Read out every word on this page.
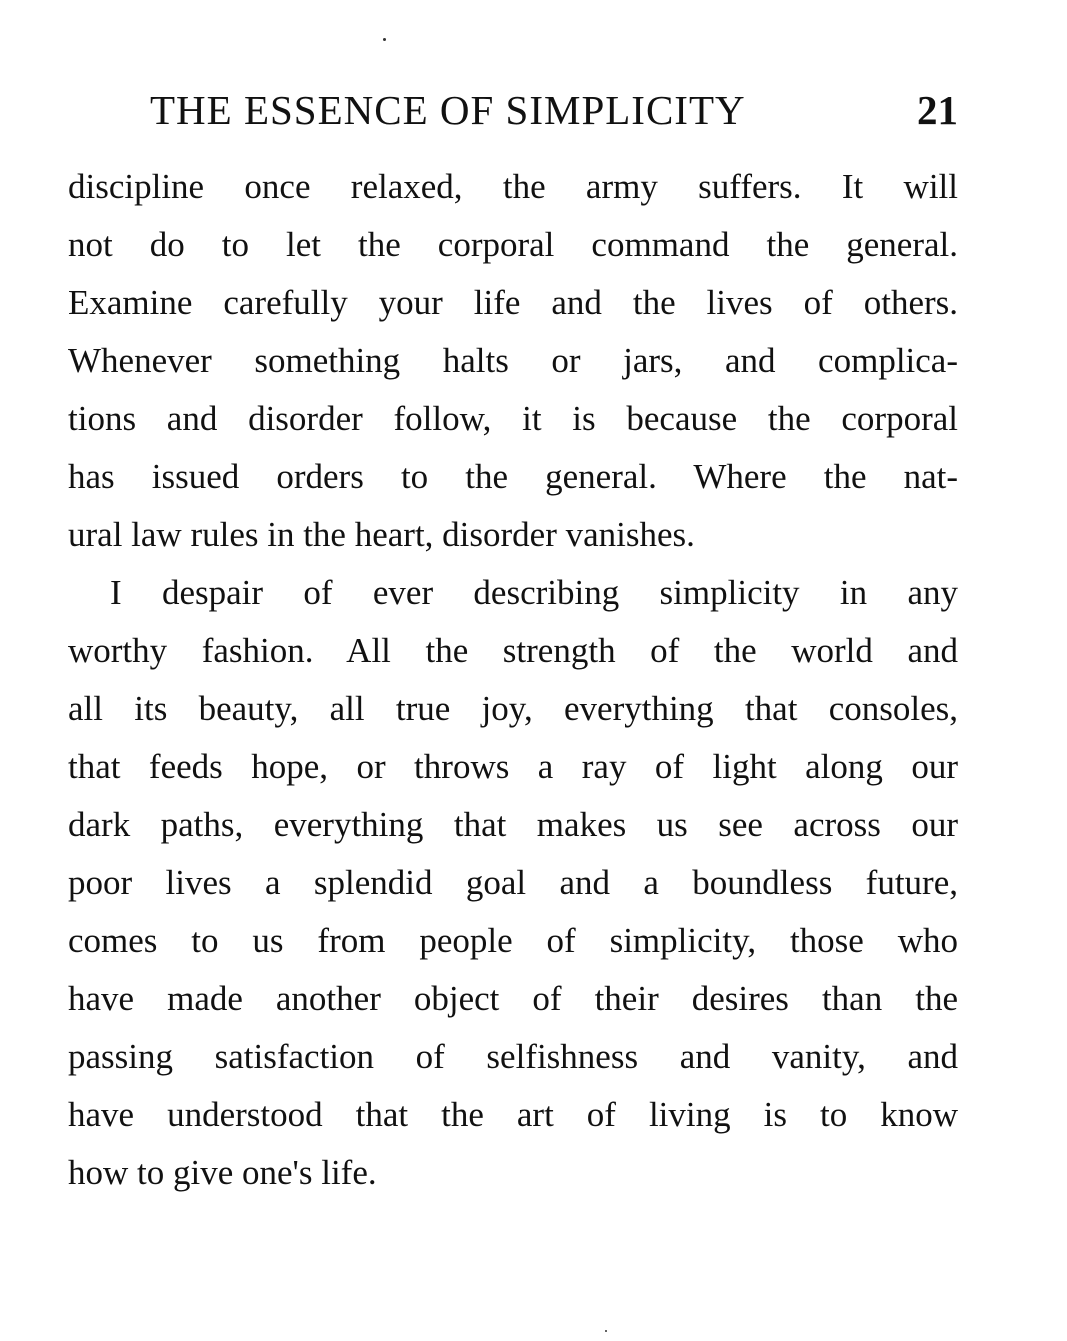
THE ESSENCE OF SIMPLICITY	21
discipline once relaxed, the army suffers. It will
not do to let the corporal command the general.
Examine carefully your life and the lives of others.
Whenever something halts or jars, and complica-
tions and disorder follow, it is because the corporal
has issued orders to the general. Where the nat-
ural law rules in the heart, disorder vanishes.
I despair of ever describing simplicity in any
worthy fashion. All the strength of the world and
all its beauty, all true joy, everything that consoles,
that feeds hope, or throws a ray of light along our
dark paths, everything that makes us see across our
poor lives a splendid goal and a boundless future,
comes to us from people of simplicity, those who
have made another object of their desires than the
passing satisfaction of selfishness and vanity, and
have understood that the art of living is to know
how to give one's life.
